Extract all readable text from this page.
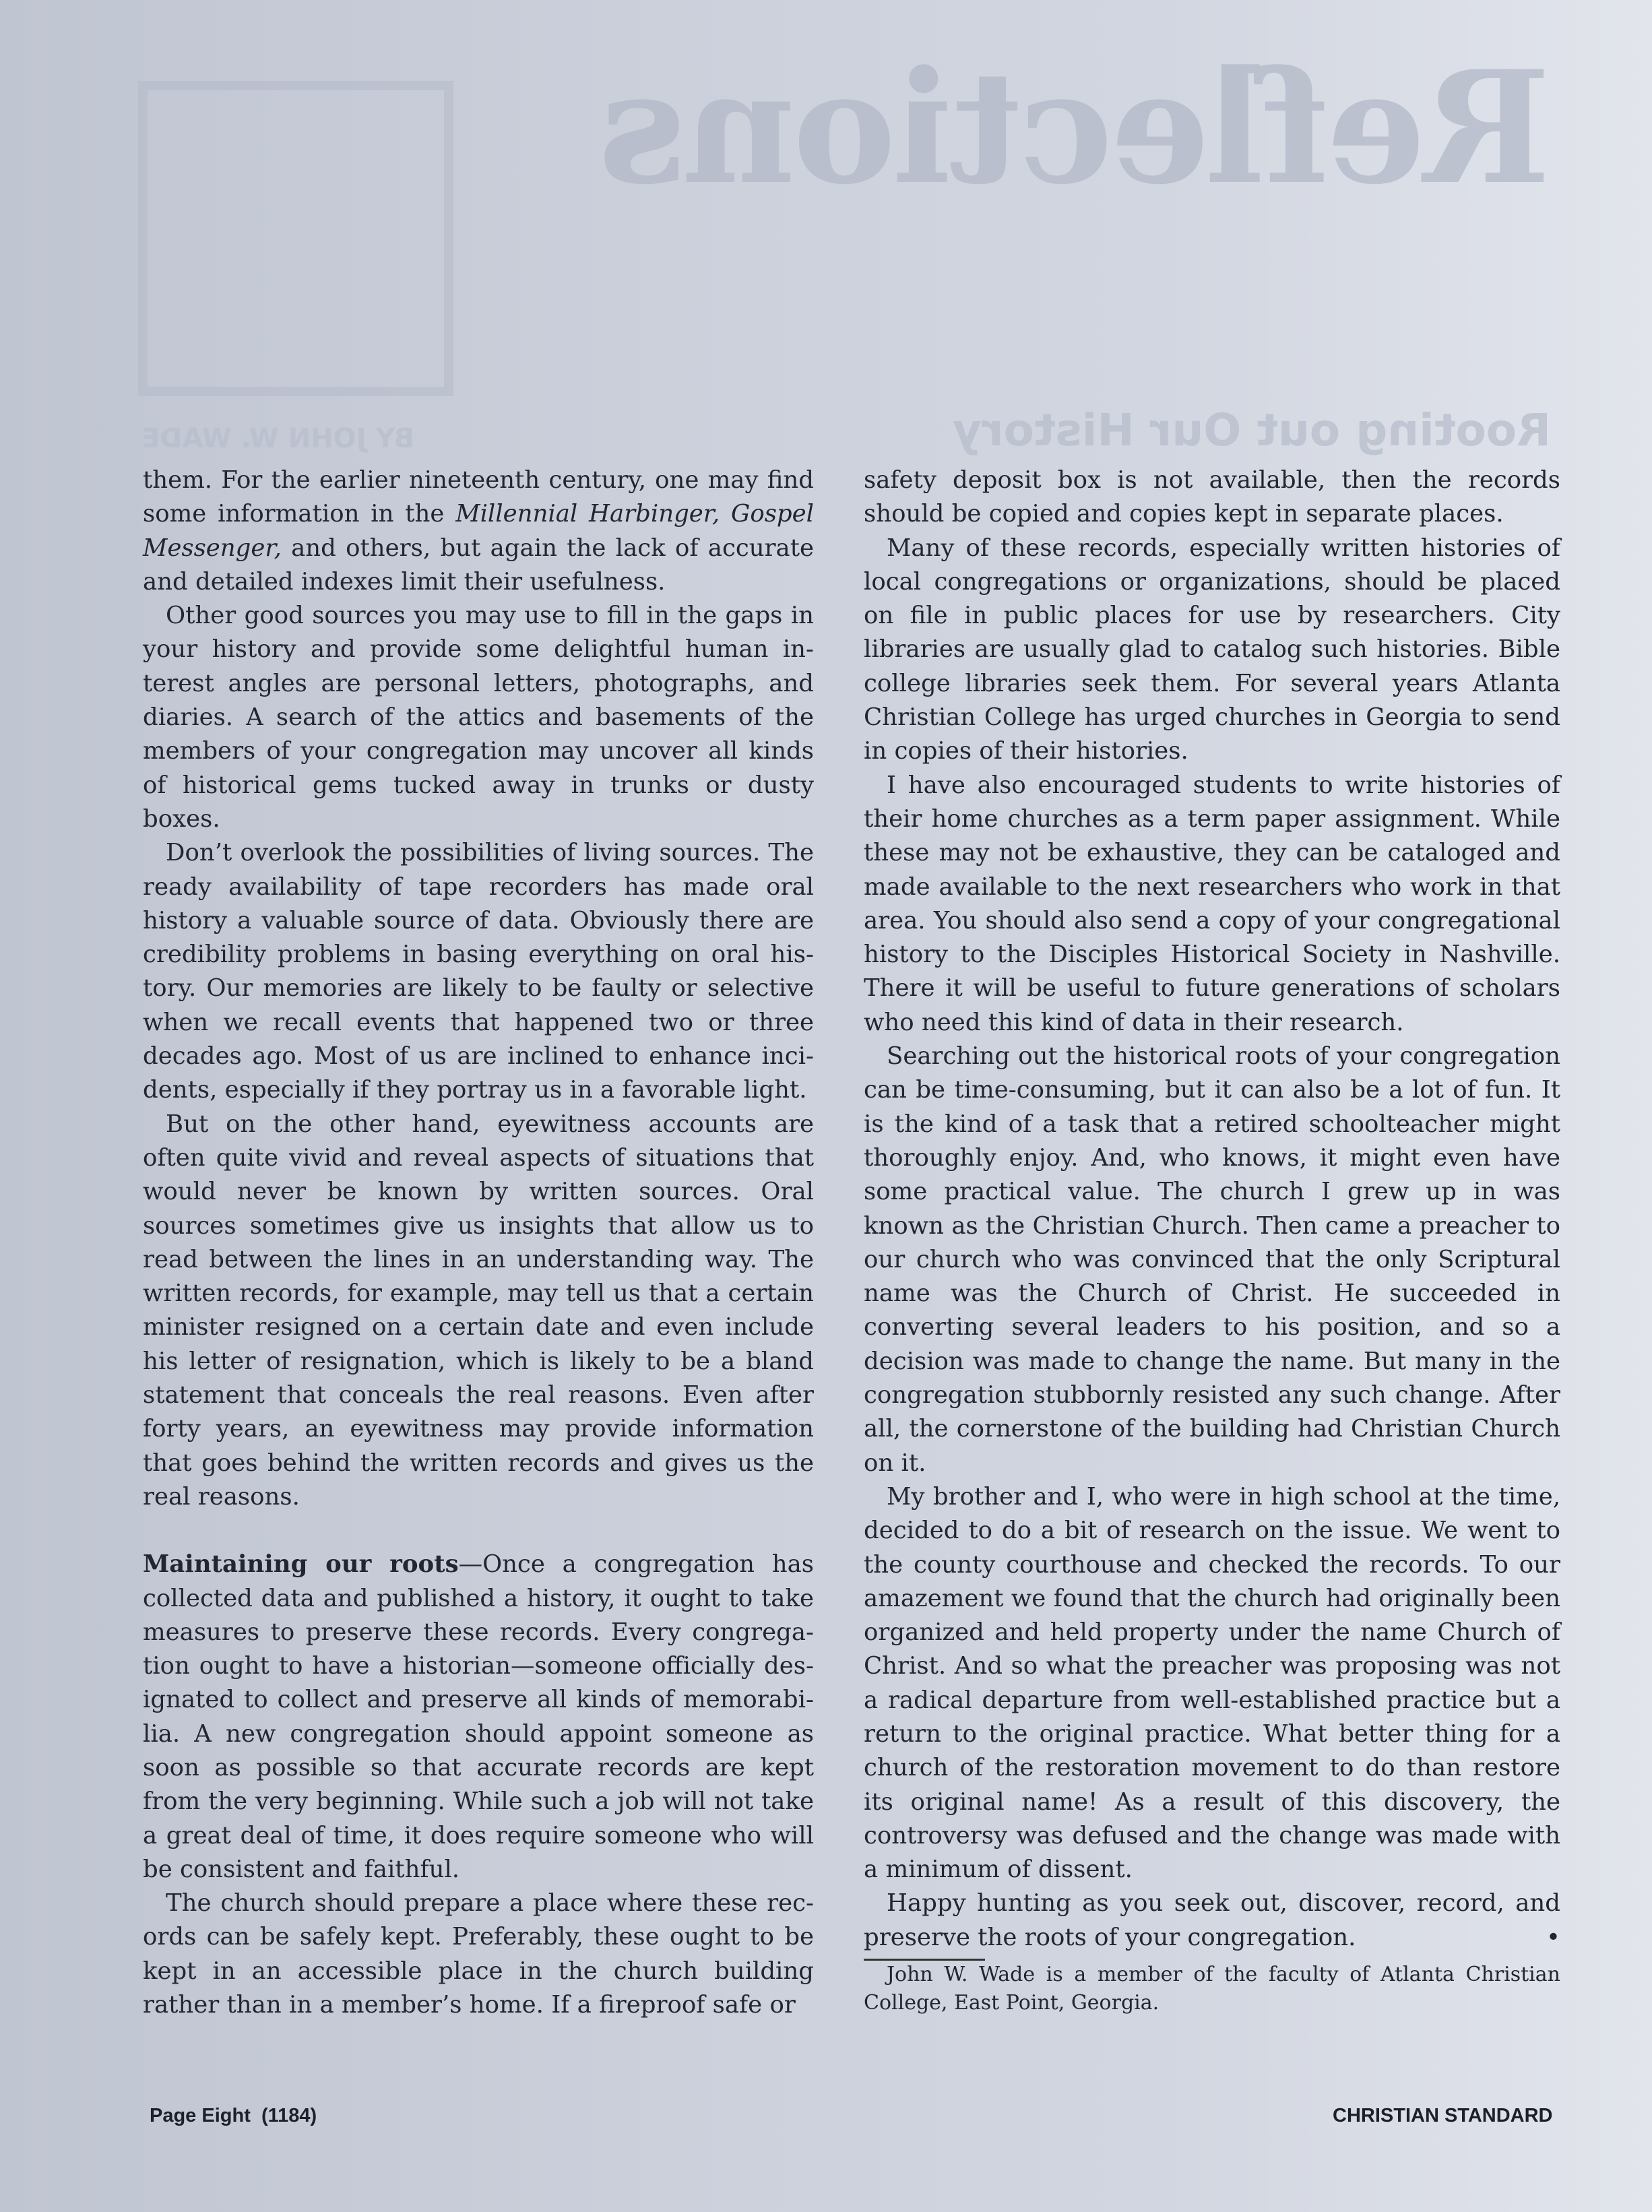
Reflections
Rooting out Our History
BY JOHN W. WADE

them. For the earlier nineteenth century, one may find some information in the Millennial Harbinger, Gospel Messenger, and others, but again the lack of accurate and detailed indexes limit their usefulness.

Other good sources you may use to fill in the gaps in your history and provide some delightful human interest angles are personal letters, photographs, and diaries. A search of the attics and basements of the members of your congregation may uncover all kinds of historical gems tucked away in trunks or dusty boxes.

Don’t overlook the possibilities of living sources. The ready availability of tape recorders has made oral history a valuable source of data. Obviously there are credibility problems in basing everything on oral history. Our memories are likely to be faulty or selective when we recall events that happened two or three decades ago. Most of us are inclined to enhance incidents, especially if they portray us in a favorable light.

But on the other hand, eyewitness accounts are often quite vivid and reveal aspects of situations that would never be known by written sources. Oral sources sometimes give us insights that allow us to read between the lines in an understanding way. The written records, for example, may tell us that a certain minister resigned on a certain date and even include his letter of resignation, which is likely to be a bland statement that conceals the real reasons. Even after forty years, an eyewitness may provide information that goes behind the written records and gives us the real reasons.

Maintaining our roots—Once a congregation has collected data and published a history, it ought to take measures to preserve these records. Every congregation ought to have a historian—someone officially designated to collect and preserve all kinds of memorabilia. A new congregation should appoint someone as soon as possible so that accurate records are kept from the very beginning. While such a job will not take a great deal of time, it does require someone who will be consistent and faithful.

The church should prepare a place where these records can be safely kept. Preferably, these ought to be kept in an accessible place in the church building rather than in a member’s home. If a fireproof safe or

safety deposit box is not available, then the records should be copied and copies kept in separate places.

Many of these records, especially written histories of local congregations or organizations, should be placed on file in public places for use by researchers. City libraries are usually glad to catalog such histories. Bible college libraries seek them. For several years Atlanta Christian College has urged churches in Georgia to send in copies of their histories.

I have also encouraged students to write histories of their home churches as a term paper assignment. While these may not be exhaustive, they can be cataloged and made available to the next researchers who work in that area. You should also send a copy of your congregational history to the Disciples Historical Society in Nashville. There it will be useful to future generations of scholars who need this kind of data in their research.

Searching out the historical roots of your congregation can be time-consuming, but it can also be a lot of fun. It is the kind of a task that a retired schoolteacher might thoroughly enjoy. And, who knows, it might even have some practical value. The church I grew up in was known as the Christian Church. Then came a preacher to our church who was convinced that the only Scriptural name was the Church of Christ. He succeeded in converting several leaders to his position, and so a decision was made to change the name. But many in the congregation stubbornly resisted any such change. After all, the cornerstone of the building had Christian Church on it.

My brother and I, who were in high school at the time, decided to do a bit of research on the issue. We went to the county courthouse and checked the records. To our amazement we found that the church had originally been organized and held property under the name Church of Christ. And so what the preacher was proposing was not a radical departure from well-established practice but a return to the original practice. What better thing for a church of the restoration movement to do than restore its original name! As a result of this discovery, the controversy was defused and the change was made with a minimum of dissent.

Happy hunting as you seek out, discover, record, and preserve the roots of your congregation.	•

John W. Wade is a member of the faculty of Atlanta Christian College, East Point, Georgia.

Page Eight (1184)	CHRISTIAN STANDARD
